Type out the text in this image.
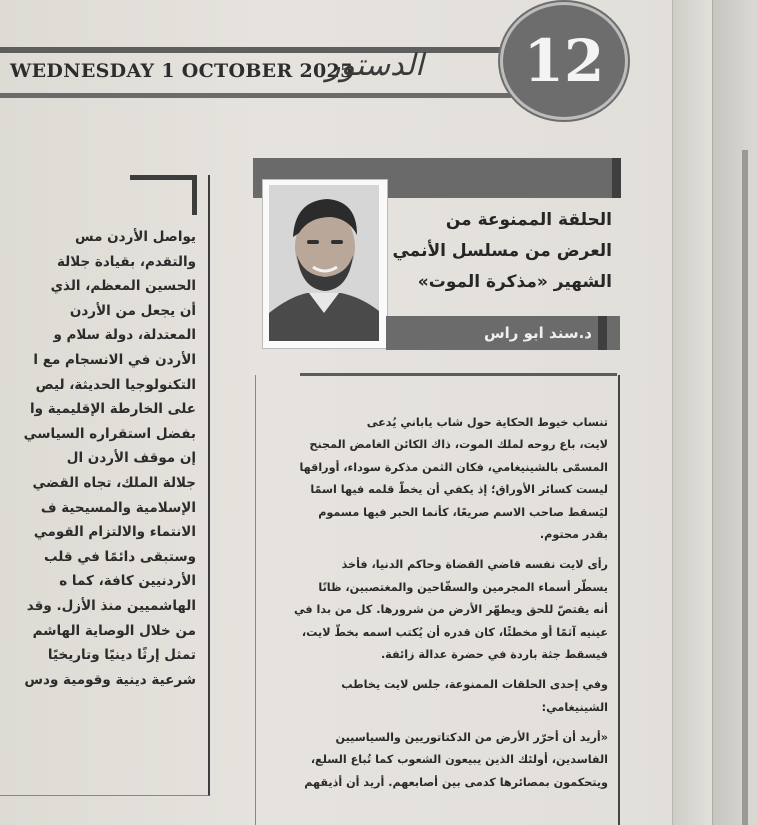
WEDNESDAY 1 OCTOBER 2025
الدستور	12
يواصل الأردن مس
والتقدم، بقيادة جلالة
الحسين المعظم، الذي
أن يجعل من الأردن
المعتدلة، دولة سلام و
الأردن في الانسجام مع ا
التكنولوجيا الحديثة، ليص
على الخارطة الإقليمية وا
بفضل استقراره السياسي
إن موقف الأردن ال
جلالة الملك، تجاه القضي
الإسلامية والمسيحية ف
الانتماء والالتزام القومي
وستبقى دائمًا في قلب
الأردنيين كافة، كما ه
الهاشميين منذ الأزل. وقد
من خلال الوصاية الهاشم
تمثل إرثًا دينيًا وتاريخيًا
شرعية دينية وقومية ودس
الحلقة الممنوعة من
العرض من مسلسل الأنمي
الشهير «مذكرة الموت»
د.سند ابو راس
تنساب خيوط الحكاية حول شاب ياباني يُدعى
لايت، باع روحه لملك الموت، ذاك الكائن الغامض المجنح
المسمّى بالشينيغامي، فكان الثمن مذكرة سوداء، أوراقها
ليست كسائر الأوراق؛ إذ يكفي أن يخطّ قلمه فيها اسمًا
ليَسقط صاحب الاسم صريعًا، كأنما الحبر فيها مسموم
بقدر محتوم.
رأى لايت نفسه قاضي القضاة وحاكم الدنيا، فأخذ
يسطّر أسماء المجرمين والسفّاحين والمغتصبين، ظانًا
أنه يقتصّ للحق ويطهّر الأرض من شرورها. كل من بدا في
عينيه آثمًا أو مخطئًا، كان قدره أن يُكتب اسمه بخطّ لايت،
فيسقط جثة باردة في حضرة عدالة زائفة.
وفي إحدى الحلقات الممنوعة، جلس لايت يخاطب
الشينيغامي:
«أريد أن أحرّر الأرض من الدكتاتوريين والسياسيين
الفاسدين، أولئك الذين يبيعون الشعوب كما تُباع السلع،
ويتحكمون بمصائرها كدمى بين أصابعهم. أريد أن أذيقهم
